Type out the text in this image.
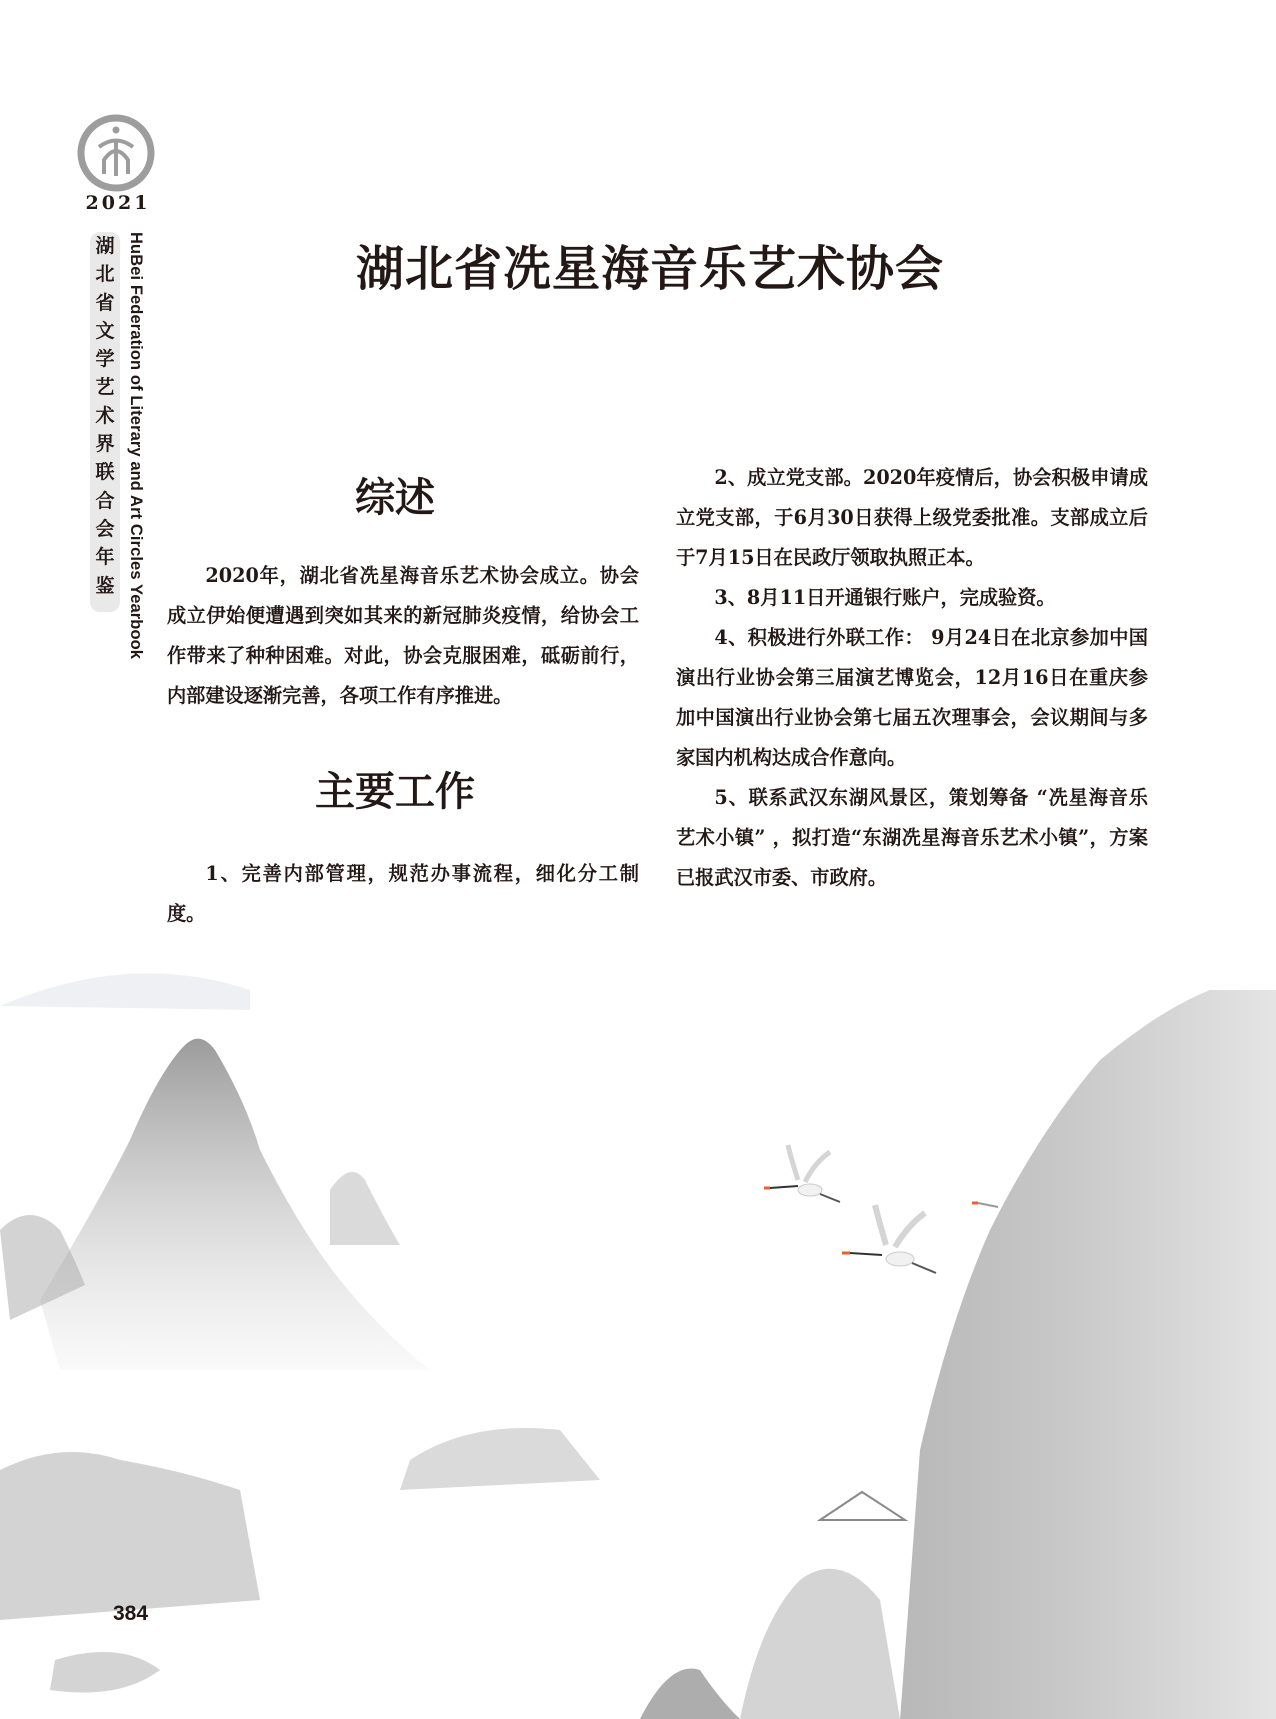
2021
湖
北
省
文
学
艺
术
界
联
合
会
年
鉴 HuBei Federation of Literary and Art Circles Yearbook	湖北省冼星海音乐艺术协会
综述

2020年，湖北省冼星海音乐艺术协会成立。协会成立伊始便遭遇到突如其来的新冠肺炎疫情，给协会工作带来了种种困难。对此，协会克服困难，砥砺前行，内部建设逐渐完善，各项工作有序推进。

主要工作

1、完善内部管理，规范办事流程，细化分工制度。

2、成立党支部。2020年疫情后，协会积极申请成立党支部，于6月30日获得上级党委批准。支部成立后于7月15日在民政厅领取执照正本。

3、8月11日开通银行账户，完成验资。

4、积极进行外联工作： 9月24日在北京参加中国演出行业协会第三届演艺博览会，12月16日在重庆参加中国演出行业协会第七届五次理事会，会议期间与多家国内机构达成合作意向。

5、联系武汉东湖风景区，策划筹备 “冼星海音乐艺术小镇” ，拟打造“东湖冼星海音乐艺术小镇”，方案已报武汉市委、市政府。

384
